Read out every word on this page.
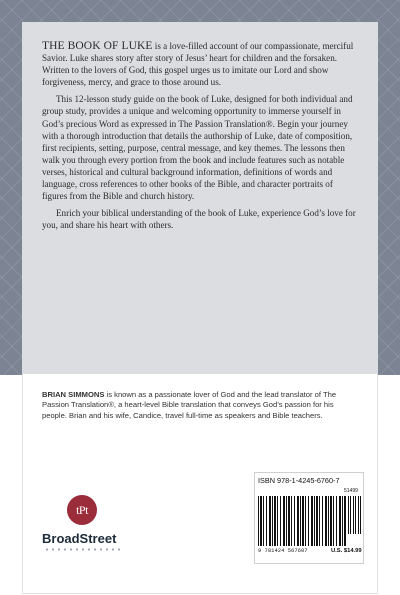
THE BOOK OF LUKE is a love-filled account of our compassionate, merciful Savior. Luke shares story after story of Jesus’ heart for children and the forsaken. Written to the lovers of God, this gospel urges us to imitate our Lord and show forgiveness, mercy, and grace to those around us.

This 12-lesson study guide on the book of Luke, designed for both individual and group study, provides a unique and welcoming opportunity to immerse yourself in God’s precious Word as expressed in The Passion Translation®. Begin your journey with a thorough introduction that details the authorship of Luke, date of composition, first recipients, setting, purpose, central message, and key themes. The lessons then walk you through every portion from the book and include features such as notable verses, historical and cultural background information, definitions of words and language, cross references to other books of the Bible, and character portraits of figures from the Bible and church history.

Enrich your biblical understanding of the book of Luke, experience God’s love for you, and share his heart with others.

BRIAN SIMMONS is known as a passionate lover of God and the lead translator of The Passion Translation®, a heart-level Bible translation that conveys God’s passion for his people. Brian and his wife, Candice, travel full-time as speakers and Bible teachers.
tPt
BroadStreet
ISBN 978-1-4245-6760-7
51499
9 781424 567607	U.S. $14.99
